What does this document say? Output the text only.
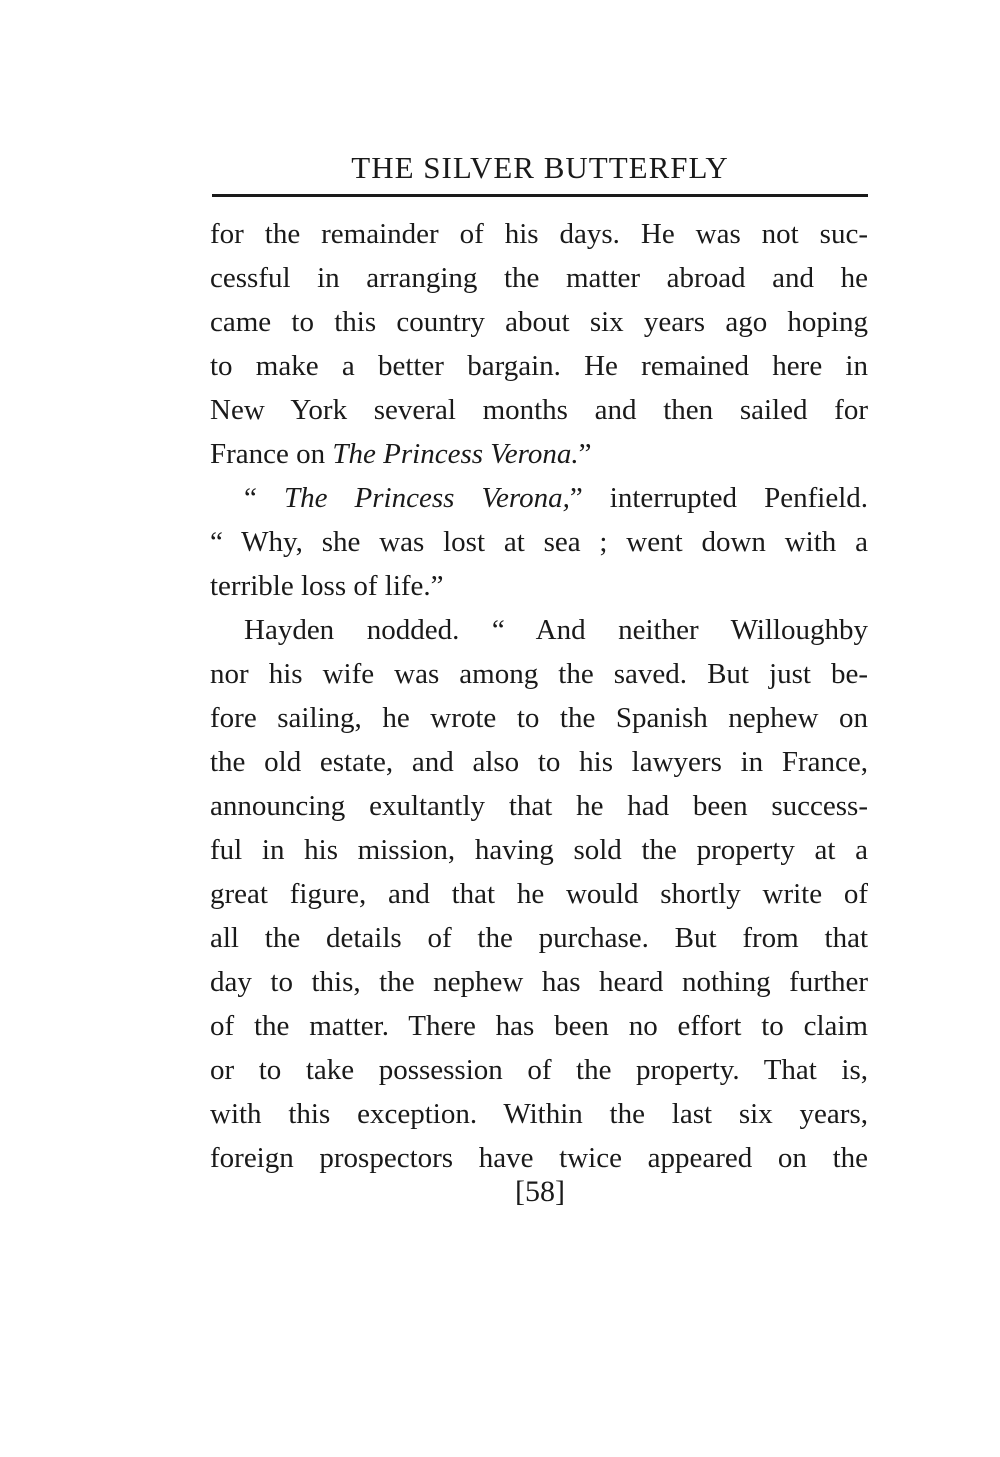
THE SILVER BUTTERFLY
for the remainder of his days. He was not suc-
cessful in arranging the matter abroad and he
came to this country about six years ago hoping
to make a better bargain. He remained here in
New York several months and then sailed for
France on The Princess Verona.”
“ The Princess Verona,” interrupted Penfield.
“ Why, she was lost at sea ; went down with a
terrible loss of life.”
Hayden nodded. “ And neither Willoughby
nor his wife was among the saved. But just be-
fore sailing, he wrote to the Spanish nephew on
the old estate, and also to his lawyers in France,
announcing exultantly that he had been success-
ful in his mission, having sold the property at a
great figure, and that he would shortly write of
all the details of the purchase. But from that
day to this, the nephew has heard nothing further
of the matter. There has been no effort to claim
or to take possession of the property. That is,
with this exception. Within the last six years,
foreign prospectors have twice appeared on the
[58]
